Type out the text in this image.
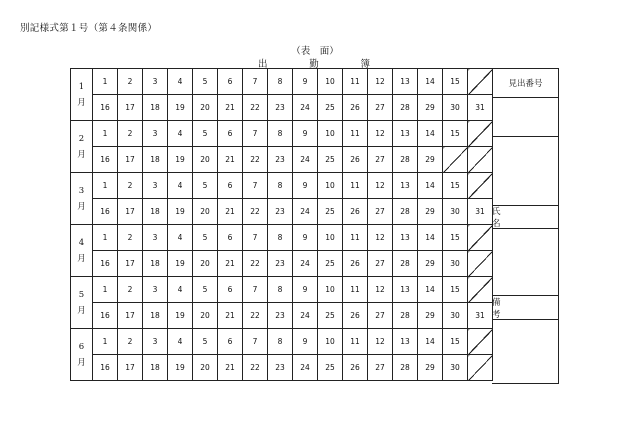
別記様式第１号（第４条関係）
（表　面）
出	勤	簿
1
月	1	2	3	4	5	6	7	8	9	10	11	12	13	14	15	
	16	17	18	19	20	21	22	23	24	25	26	27	28	29	30	31

2
月	1	2	3	4	5	6	7	8	9	10	11	12	13	14	15	
	16	17	18	19	20	21	22	23	24	25	26	27	28	29		

3
月	1	2	3	4	5	6	7	8	9	10	11	12	13	14	15	
	16	17	18	19	20	21	22	23	24	25	26	27	28	29	30	31

4
月	1	2	3	4	5	6	7	8	9	10	11	12	13	14	15	
	16	17	18	19	20	21	22	23	24	25	26	27	28	29	30	

5
月	1	2	3	4	5	6	7	8	9	10	11	12	13	14	15	
	16	17	18	19	20	21	22	23	24	25	26	27	28	29	30	31

6
月	1	2	3	4	5	6	7	8	9	10	11	12	13	14	15	
	16	17	18	19	20	21	22	23	24	25	26	27	28	29	30	
見出番号
氏　　名
備　　考
